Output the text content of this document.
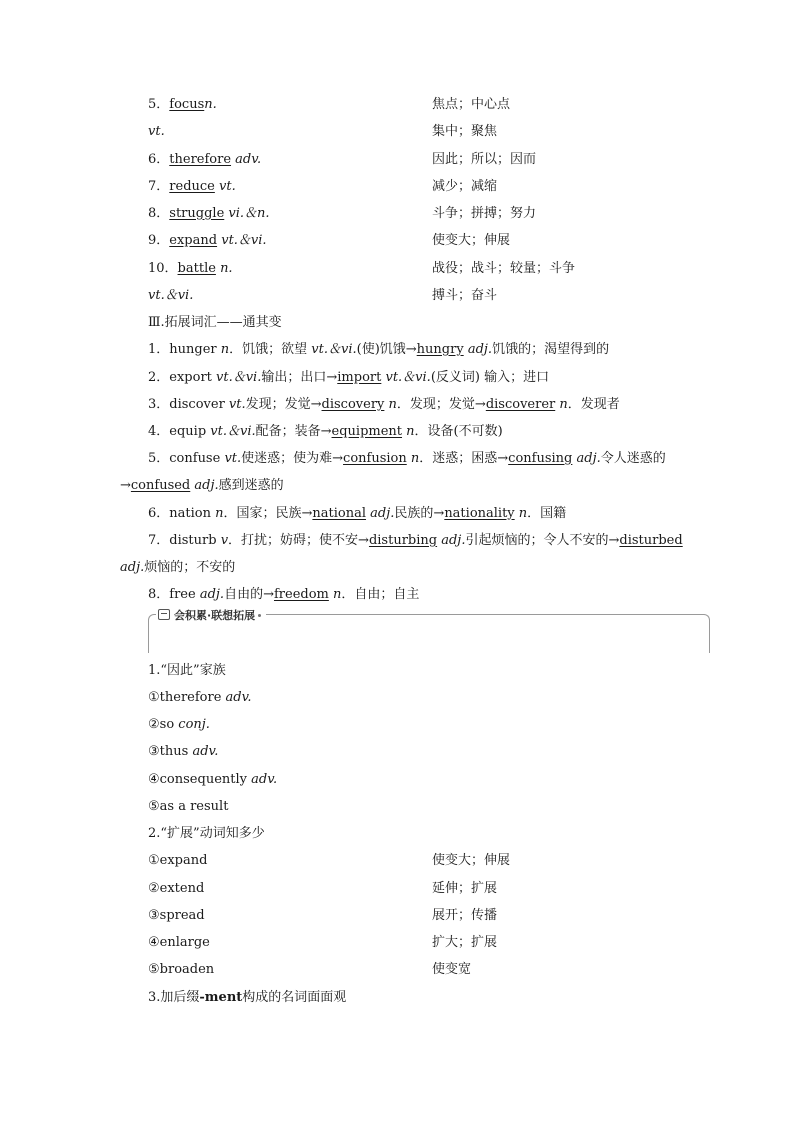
5．focusn.	焦点；中心点
vt.	集中；聚焦
6．therefore adv.	因此；所以；因而
7．reduce vt.	减少；减缩
8．struggle vi.＆n.	斗争；拼搏；努力
9．expand vt.＆vi.	使变大；伸展
10．battle n.	战役；战斗；较量；斗争
vt.＆vi.	搏斗；奋斗
Ⅲ.拓展词汇——通其变
1．hunger n．饥饿；欲望 vt.＆vi.(使)饥饿→hungry adj.饥饿的；渴望得到的
2．export vt.＆vi.输出；出口→import vt.＆vi.(反义词) 输入；进口
3．discover vt.发现；发觉→discovery n．发现；发觉→discoverer n．发现者
4．equip vt.＆vi.配备；装备→equipment n．设备(不可数)
5．confuse vt.使迷惑；使为难→confusion n．迷惑；困惑→confusing adj.令人迷惑的
→confused adj.感到迷惑的
6．nation n．国家；民族→national adj.民族的→nationality n．国籍
7．disturb v．打扰；妨碍；使不安→disturbing adj.引起烦恼的；令人不安的→disturbed
adj.烦恼的；不安的
8．free adj.自由的→freedom n．自由；自主
会积累·联想拓展
1.“因此”家族
①therefore adv.
②so conj.
③thus adv.
④consequently adv.
⑤as a result
2.“扩展”动词知多少
①expand	使变大；伸展
②extend	延伸；扩展
③spread	展开；传播
④enlarge	扩大；扩展
⑤broaden	使变宽
3.加后缀-ment构成的名词面面观
